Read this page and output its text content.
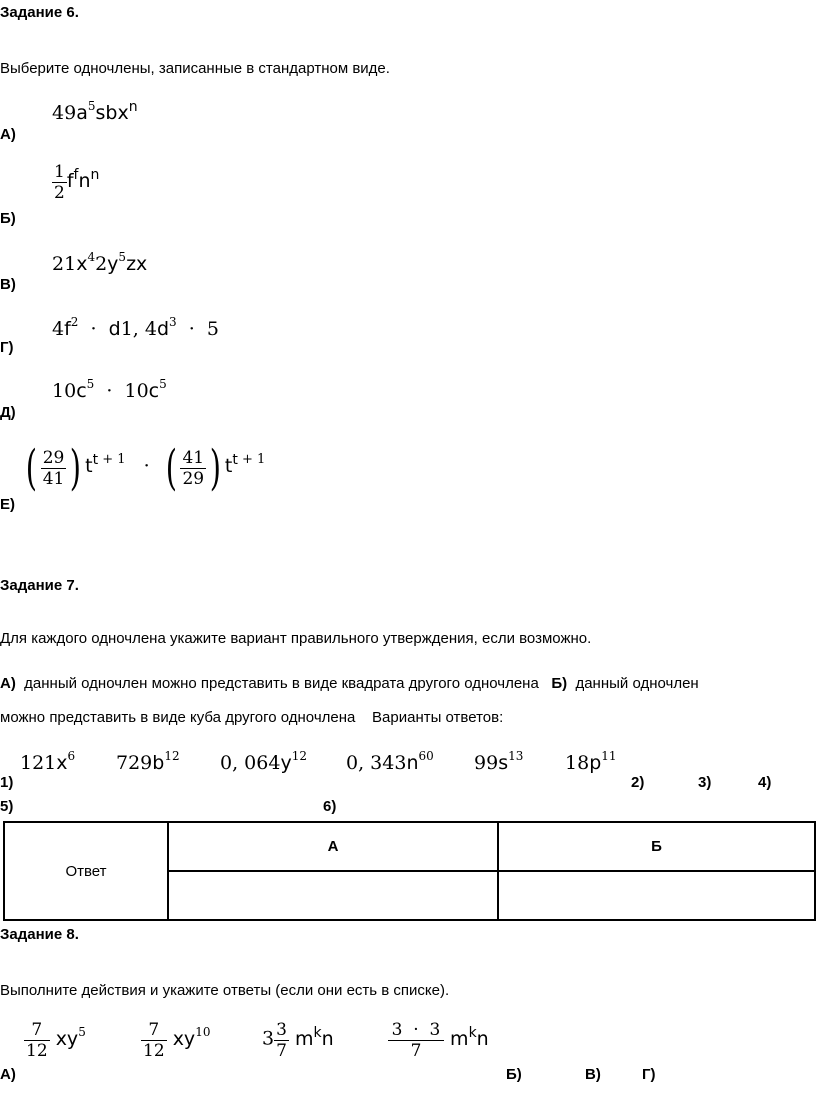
Задание 6.
Выберите одночлены, записанные в стандартном виде.
$49a^5sbx^n$
А)
$\frac{1}{2} f^fn^n$
Б)
$21x^42y^5zx$
В)
$4f^2 \cdot d1$, $4d^3 \cdot 5$
Г)
$10c^5 \cdot 10c^5$
Д)
( $\frac{29}{41}$ ) $t^t$ $^{+ 1}$   ·  ( $\frac{41}{29}$ ) $t^t$ $^{+ 1}$
Е)
Задание 7.
Для каждого одночлена укажите вариант правильного утверждения, если возможно.
А) данный одночлен можно представить в виде квадрата другого одночлена Б) данный одночлен
можно представить в виде куба другого одночлена Варианты ответов:
$121x^6$ $729b^{12}$ 0, $064y^{12}$ 0, $343n^{60}$ $99s^{13}$ $18p^{11}$
1)	2)	3)	4)
5)	6)
Ответ	А	Б

Задание 8.
Выполните действия и укажите ответы (если они есть в списке).
$\frac{7}{12} xy^5$	$\frac{7}{12} xy^{10}$	$3 \frac{3}{7} m^kn$	$\frac{3 \cdot 3}{7} m^kn$
А)	Б)	В)	Г)
